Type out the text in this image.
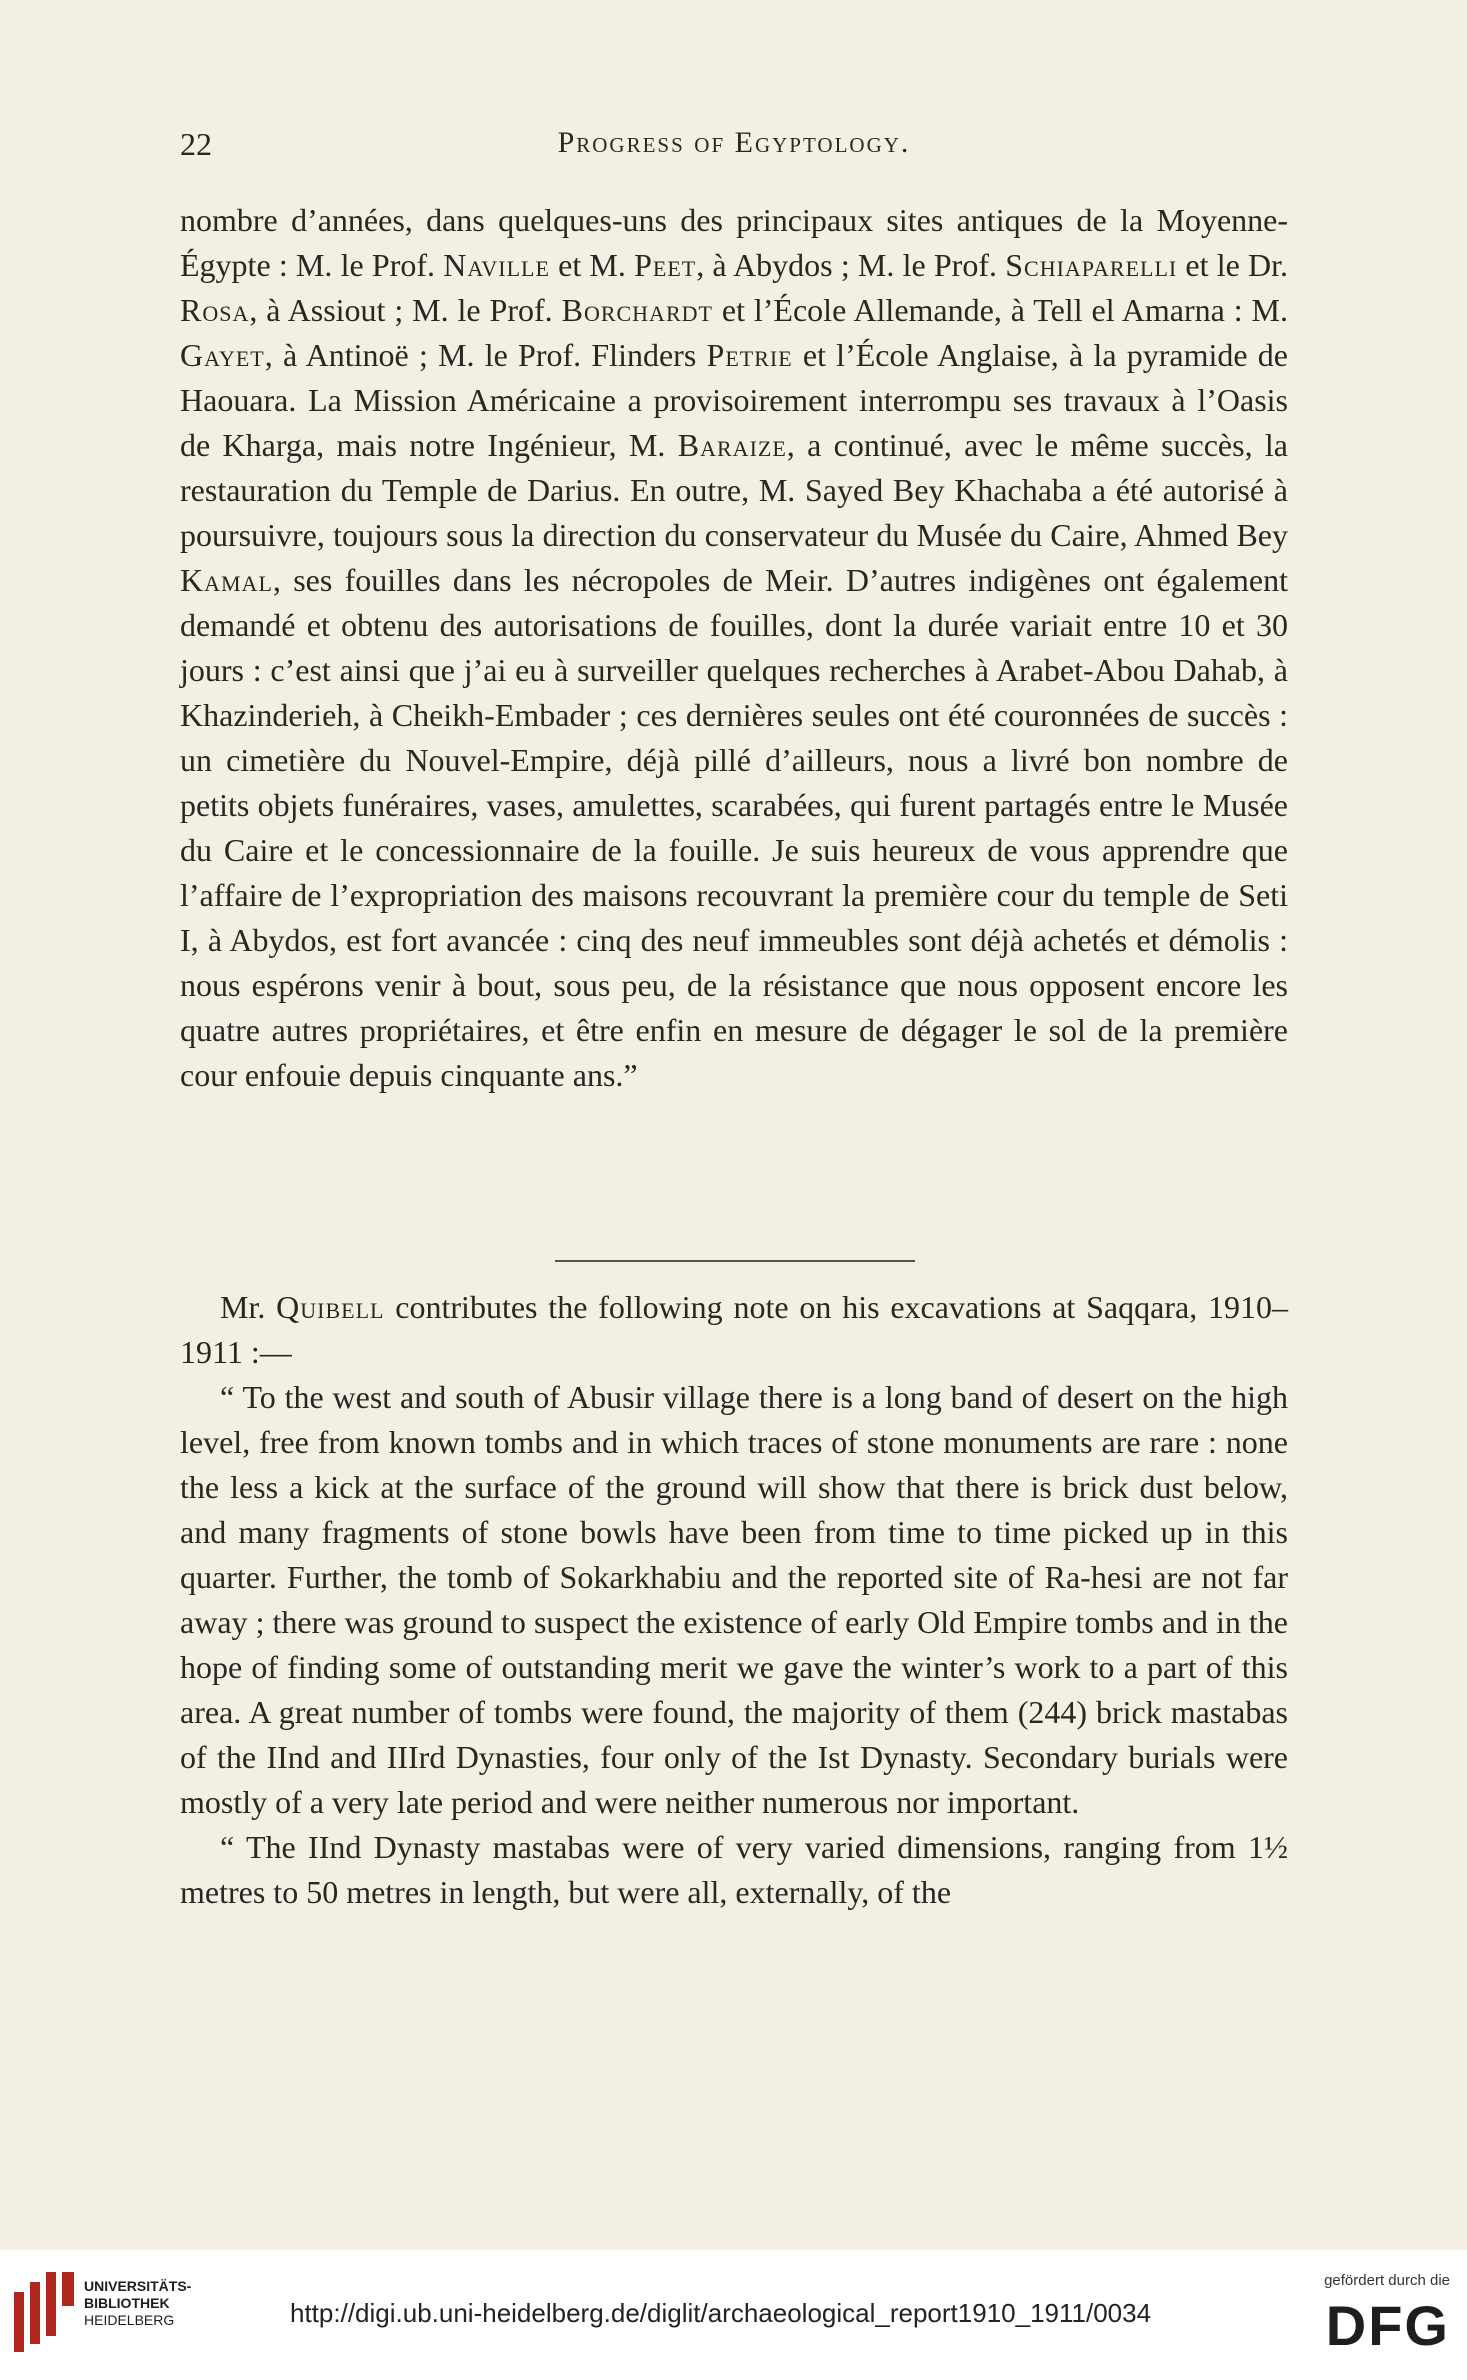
22	Progress of Egyptology.

nombre d’années, dans quelques-uns des principaux sites antiques de la Moyenne-Égypte : M. le Prof. Naville et M. Peet, à Abydos ; M. le Prof. Schiaparelli et le Dr. Rosa, à Assiout ; M. le Prof. Borchardt et l’École Allemande, à Tell el Amarna : M. Gayet, à Antinoë ; M. le Prof. Flinders Petrie et l’École Anglaise, à la pyramide de Haouara. La Mission Américaine a provisoirement interrompu ses travaux à l’Oasis de Kharga, mais notre Ingénieur, M. Baraize, a continué, avec le même succès, la restauration du Temple de Darius. En outre, M. Sayed Bey Khachaba a été autorisé à poursuivre, toujours sous la direction du conservateur du Musée du Caire, Ahmed Bey Kamal, ses fouilles dans les nécropoles de Meir. D’autres indigènes ont également demandé et obtenu des autorisations de fouilles, dont la durée variait entre 10 et 30 jours : c’est ainsi que j’ai eu à surveiller quelques recherches à Arabet-Abou Dahab, à Khazinderieh, à Cheikh-Embader ; ces dernières seules ont été couronnées de succès : un cimetière du Nouvel-Empire, déjà pillé d’ailleurs, nous a livré bon nombre de petits objets funéraires, vases, amulettes, scarabées, qui furent partagés entre le Musée du Caire et le concessionnaire de la fouille. Je suis heureux de vous apprendre que l’affaire de l’expropriation des maisons recouvrant la première cour du temple de Seti I, à Abydos, est fort avancée : cinq des neuf immeubles sont déjà achetés et démolis : nous espérons venir à bout, sous peu, de la résistance que nous opposent encore les quatre autres propriétaires, et être enfin en mesure de dégager le sol de la première cour enfouie depuis cinquante ans.”

Mr. Quibell contributes the following note on his excavations at Saqqara, 1910–1911 :—

“ To the west and south of Abusir village there is a long band of desert on the high level, free from known tombs and in which traces of stone monuments are rare : none the less a kick at the surface of the ground will show that there is brick dust below, and many fragments of stone bowls have been from time to time picked up in this quarter. Further, the tomb of Sokarkhabiu and the reported site of Ra-hesi are not far away ; there was ground to suspect the existence of early Old Empire tombs and in the hope of finding some of outstanding merit we gave the winter’s work to a part of this area. A great number of tombs were found, the majority of them (244) brick mastabas of the IInd and IIIrd Dynasties, four only of the Ist Dynasty. Secondary burials were mostly of a very late period and were neither numerous nor important.

“ The IInd Dynasty mastabas were of very varied dimensions, ranging from 1½ metres to 50 metres in length, but were all, externally, of the

UNIVERSITÄTS-
BIBLIOTHEK
HEIDELBERG	http://digi.ub.uni-heidelberg.de/diglit/archaeological_report1910_1911/0034
gefördert durch die
DFG
